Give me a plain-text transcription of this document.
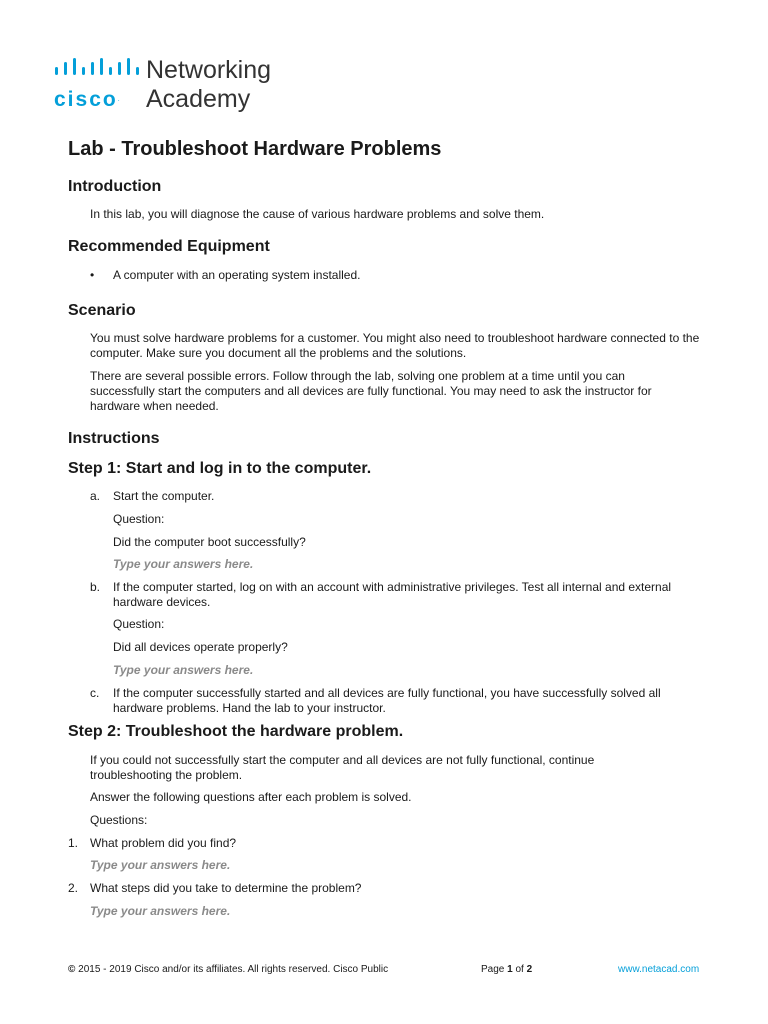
cisco.
Networking
Academy
Lab - Troubleshoot Hardware Problems
Introduction

In this lab, you will diagnose the cause of various hardware problems and solve them.

Recommended Equipment
• A computer with an operating system installed.

Scenario

You must solve hardware problems for a customer. You might also need to troubleshoot hardware connected to the computer. Make sure you document all the problems and the solutions.

There are several possible errors. Follow through the lab, solving one problem at a time until you can successfully start the computers and all devices are fully functional. You may need to ask the instructor for hardware when needed.

Instructions
Step 1: Start and log in to the computer.
a. Start the computer.

Question:

Did the computer boot successfully?

Type your answers here.
b. If the computer started, log on with an account with administrative privileges. Test all internal and external hardware devices.

Question:

Did all devices operate properly?

Type your answers here.
c. If the computer successfully started and all devices are fully functional, you have successfully solved all hardware problems. Hand the lab to your instructor.

Step 2: Troubleshoot the hardware problem.

If you could not successfully start the computer and all devices are not fully functional, continue troubleshooting the problem.

Answer the following questions after each problem is solved.

Questions:

1. What problem did you find?

Type your answers here.
2. What steps did you take to determine the problem?

Type your answers here.
© 2015 - 2019 Cisco and/or its affiliates. All rights reserved. Cisco Public	Page 1 of 2	www.netacad.com
